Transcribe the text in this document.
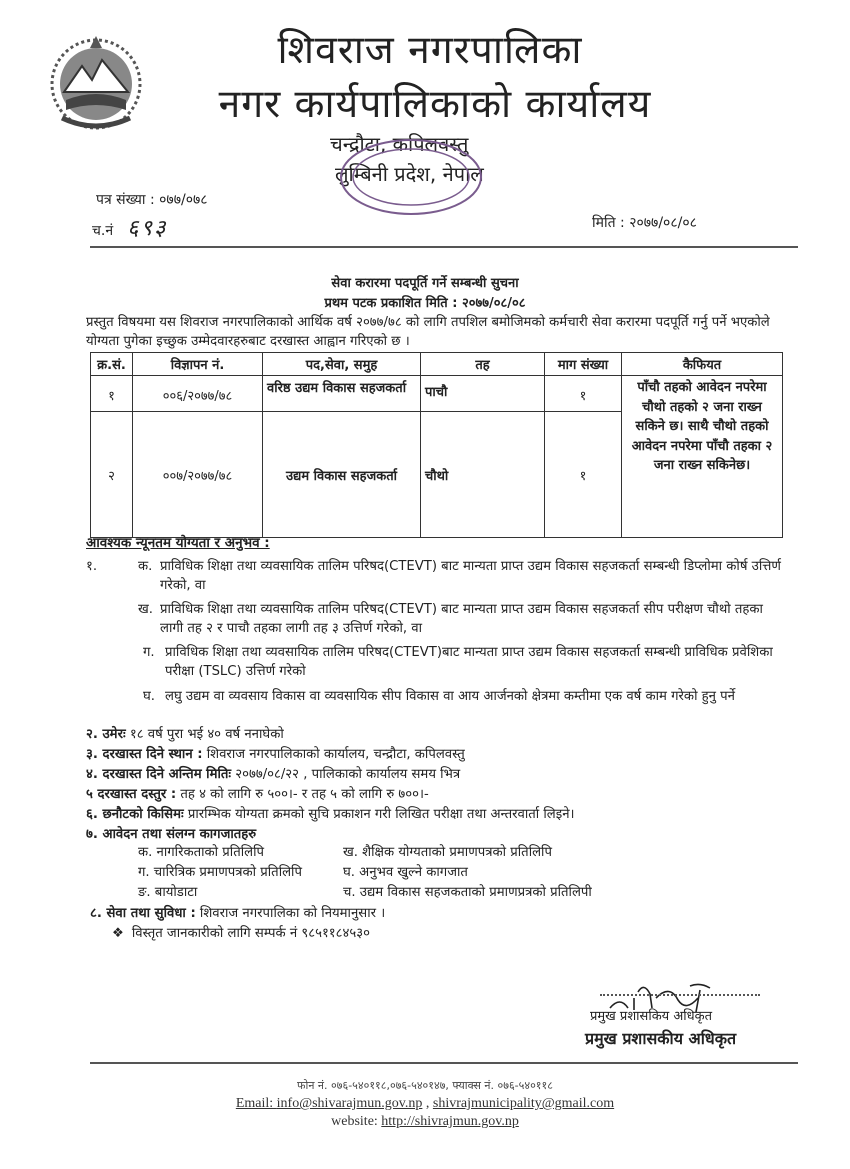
शिवराज नगरपालिका
नगर कार्यपालिकाको कार्यालय
चन्द्रौटा, कपिलवस्तु
लुम्बिनी प्रदेश, नेपाल
पत्र संख्या : ०७७/०७८
च.नं ६९३	मिति : २०७७/०८/०८
सेवा करारमा पदपूर्ति गर्ने सम्बन्धी सुचना
प्रथम पटक प्रकाशित मिति : २०७७/०८/०८
प्रस्तुत विषयमा यस शिवराज नगरपालिकाको आर्थिक वर्ष २०७७/७८ को लागि तपशिल बमोजिमको कर्मचारी सेवा करारमा पदपूर्ति गर्नु पर्ने भएकोले योग्यता पुगेका इच्छुक उम्मेदवारहरुबाट दरखास्त आह्वान गरिएको छ ।
क्र.सं.	विज्ञापन नं.	पद,सेवा, समुह	तह	माग संख्या	कैफियत
१	००६/२०७७/७८	वरिष्ठ उद्यम विकास सहजकर्ता	पाचौ	१	पाँचौ तहको आवेदन नपरेमा चौथो तहको २ जना राख्न सकिने छ। साथै चौथो तहको आवेदन नपरेमा पाँचौ तहका २ जना राख्न सकिनेछ।
२	००७/२०७७/७८	उद्यम विकास सहजकर्ता	चौथो	१	
आवश्यक न्यूनतम योग्यता र अनुभव :
१.	क. प्राविधिक शिक्षा तथा व्यवसायिक तालिम परिषद(CTEVT) बाट मान्यता प्राप्त उद्यम विकास सहजकर्ता सम्बन्धी डिप्लोमा कोर्ष उत्तिर्ण गरेको, वा
ख. प्राविधिक शिक्षा तथा व्यवसायिक तालिम परिषद(CTEVT) बाट मान्यता प्राप्त उद्यम विकास सहजकर्ता सीप परीक्षण चौथो तहका लागी तह २ र पाचौ तहका लागी तह ३ उत्तिर्ण गरेको, वा
ग. प्राविधिक शिक्षा तथा व्यवसायिक तालिम परिषद(CTEVT)बाट मान्यता प्राप्त उद्यम विकास सहजकर्ता सम्बन्धी प्राविधिक प्रवेशिका परीक्षा (TSLC) उत्तिर्ण गरेको
घ. लघु उद्यम वा व्यवसाय विकास वा व्यवसायिक सीप विकास वा आय आर्जनको क्षेत्रमा कम्तीमा एक वर्ष काम गरेको हुनु पर्ने
२. उमेरः १८ वर्ष पुरा भई ४० वर्ष ननाघेको
३. दरखास्त दिने स्थान : शिवराज नगरपालिकाको कार्यालय, चन्द्रौटा, कपिलवस्तु
४. दरखास्त दिने अन्तिम मितिः २०७७/०८/२२ , पालिकाको कार्यालय समय भित्र
५ दरखास्त दस्तुर : तह ४ को लागि रु ५००।- र तह ५ को लागि रु ७००।-
६. छनौटको किसिमः प्रारम्भिक योग्यता क्रमको सुचि प्रकाशन गरी लिखित परीक्षा तथा अन्तरवार्ता लिइने।
७. आवेदन तथा संलग्न कागजातहरु
क. नागरिकताको प्रतिलिपि	ख. शैक्षिक योग्यताको प्रमाणपत्रको प्रतिलिपि
ग. चारित्रिक प्रमाणपत्रको प्रतिलिपि	घ. अनुभव खुल्ने कागजात
ङ. बायोडाटा	च. उद्यम विकास सहजकताको प्रमाणप्रत्रको प्रतिलिपी
८. सेवा तथा सुविधा : शिवराज नगरपालिका को नियमानुसार ।
❖ विस्तृत जानकारीको लागि सम्पर्क नं ९८५११८४५३०
प्रमुख प्रशासकिय अधिकृत
प्रमुख प्रशासकीय अधिकृत
फोन नं. ०७६-५४०११८,०७६-५४०१४७, फ्याक्स नं. ०७६-५४०११८
Email: info@shivarajmun.gov.np , shivrajmunicipality@gmail.com
website: http://shivrajmun.gov.np
